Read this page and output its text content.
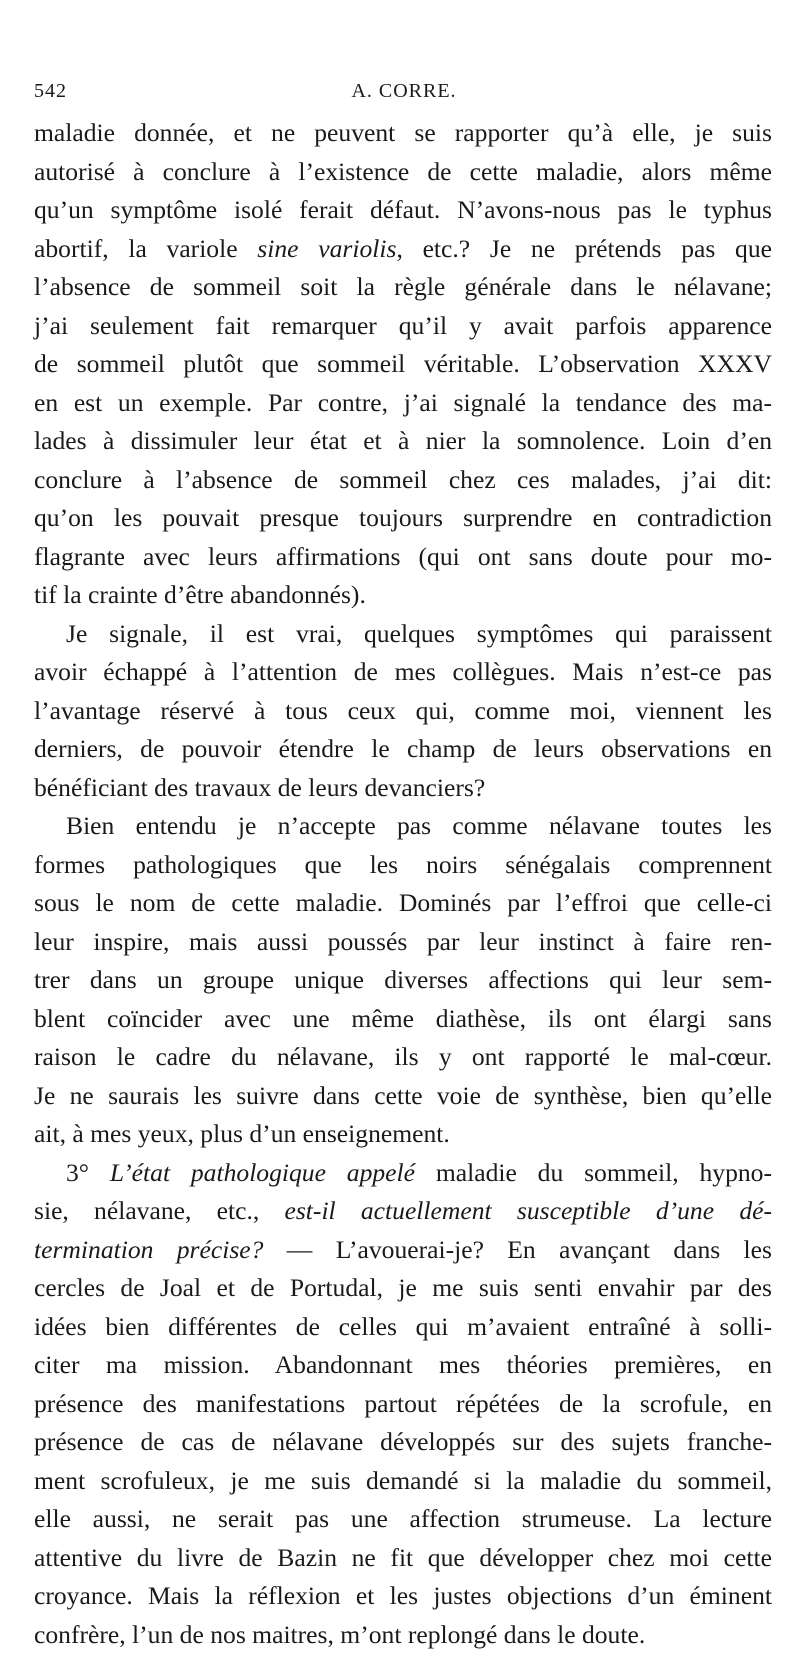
542	A. CORRE.
maladie donnée, et ne peuvent se rapporter qu’à elle, je suis
autorisé à conclure à l’existence de cette maladie, alors même
qu’un symptôme isolé ferait défaut. N’avons-nous pas le typhus
abortif, la variole sine variolis, etc.? Je ne prétends pas que
l’absence de sommeil soit la règle générale dans le nélavane;
j’ai seulement fait remarquer qu’il y avait parfois apparence
de sommeil plutôt que sommeil véritable. L’observation XXXV
en est un exemple. Par contre, j’ai signalé la tendance des ma-
lades à dissimuler leur état et à nier la somnolence. Loin d’en
conclure à l’absence de sommeil chez ces malades, j’ai dit:
qu’on les pouvait presque toujours surprendre en contradiction
flagrante avec leurs affirmations (qui ont sans doute pour mo-
tif la crainte d’être abandonnés).
Je signale, il est vrai, quelques symptômes qui paraissent
avoir échappé à l’attention de mes collègues. Mais n’est-ce pas
l’avantage réservé à tous ceux qui, comme moi, viennent les
derniers, de pouvoir étendre le champ de leurs observations en
bénéficiant des travaux de leurs devanciers?
Bien entendu je n’accepte pas comme nélavane toutes les
formes pathologiques que les noirs sénégalais comprennent
sous le nom de cette maladie. Dominés par l’effroi que celle-ci
leur inspire, mais aussi poussés par leur instinct à faire ren-
trer dans un groupe unique diverses affections qui leur sem-
blent coïncider avec une même diathèse, ils ont élargi sans
raison le cadre du nélavane, ils y ont rapporté le mal-cœur.
Je ne saurais les suivre dans cette voie de synthèse, bien qu’elle
ait, à mes yeux, plus d’un enseignement.
3° L’état pathologique appelé maladie du sommeil, hypno-
sie, nélavane, etc., est-il actuellement susceptible d’une dé-
termination précise? — L’avouerai-je? En avançant dans les
cercles de Joal et de Portudal, je me suis senti envahir par des
idées bien différentes de celles qui m’avaient entraîné à solli-
citer ma mission. Abandonnant mes théories premières, en
présence des manifestations partout répétées de la scrofule, en
présence de cas de nélavane développés sur des sujets franche-
ment scrofuleux, je me suis demandé si la maladie du sommeil,
elle aussi, ne serait pas une affection strumeuse. La lecture
attentive du livre de Bazin ne fit que développer chez moi cette
croyance. Mais la réflexion et les justes objections d’un éminent
confrère, l’un de nos maitres, m’ont replongé dans le doute.
